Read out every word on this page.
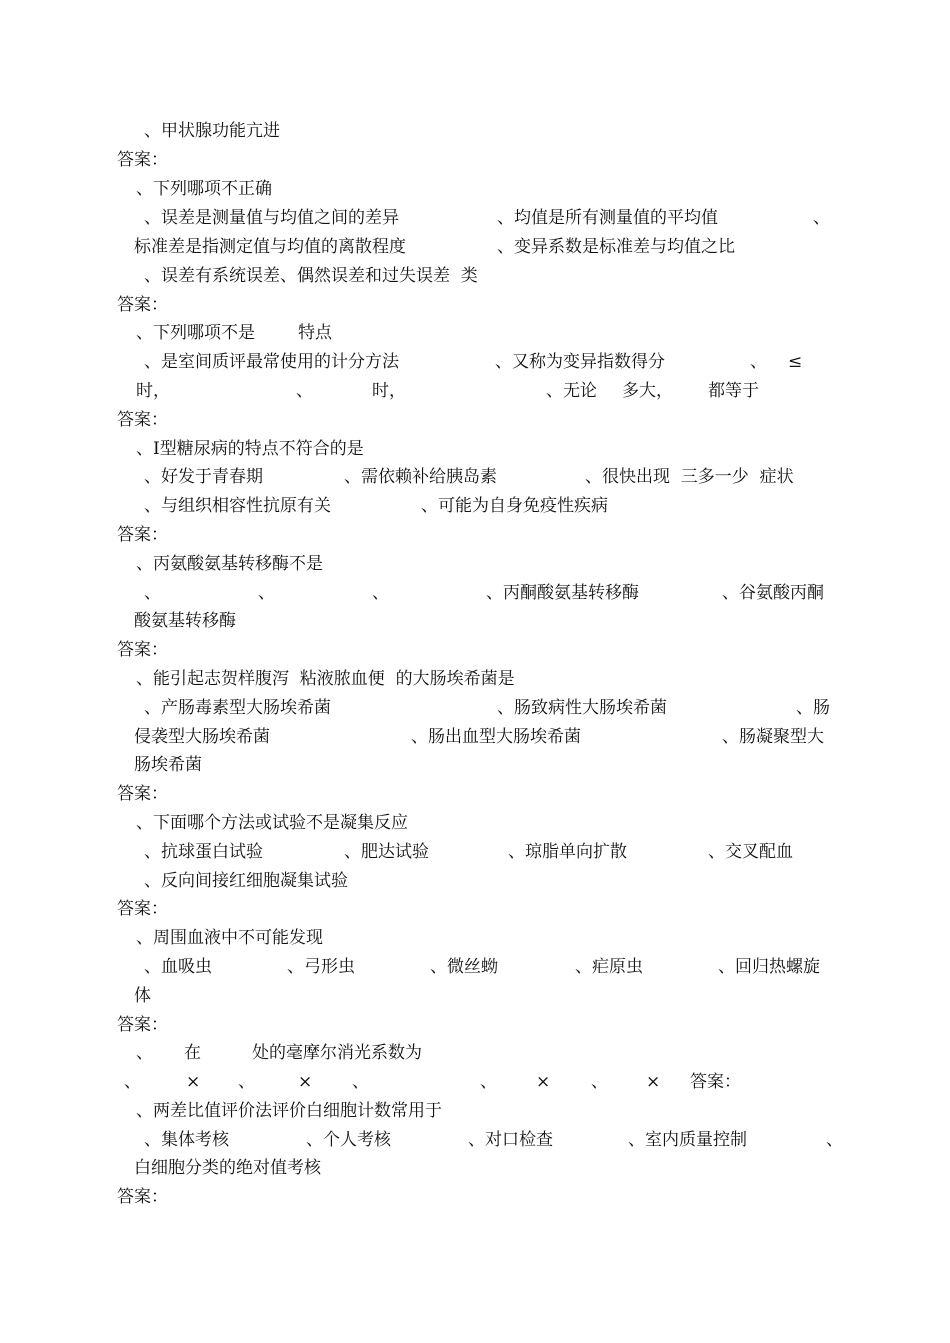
、甲状腺功能亢进
答案：
、下列哪项不正确
、误差是测量值与均值之间的差异	、均值是所有测量值的平均值	、
标准差是指测定值与均值的离散程度	、变异系数是标准差与均值之比
、误差有系统误差、偶然误差和过失误差  类
答案：
、下列哪项不是	特点
、是室间质评最常使用的计分方法	、又称为变异指数得分	、 ≤
时，	、	时，	、无论 多大， 都等于
答案：
、Ⅰ型糖尿病的特点不符合的是
、好发于青春期	、需依赖补给胰岛素	、很快出现  三多一少  症状
、与组织相容性抗原有关	、可能为自身免疫性疾病
答案：
、丙氨酸氨基转移酶不是
、	、	、	、丙酮酸氨基转移酶	、谷氨酸丙酮
酸氨基转移酶
答案：
、能引起志贺样腹泻  粘液脓血便  的大肠埃希菌是
、产肠毒素型大肠埃希菌	、肠致病性大肠埃希菌	、肠
侵袭型大肠埃希菌	、肠出血型大肠埃希菌	、肠凝聚型大
肠埃希菌
答案：
、下面哪个方法或试验不是凝集反应
、抗球蛋白试验	、肥达试验	、琼脂单向扩散	、交叉配血
、反向间接红细胞凝集试验
答案：
、周围血液中不可能发现
、血吸虫	、弓形虫	、微丝蚴	、疟原虫	、回归热螺旋
体
答案：
、 在	处的毫摩尔消光系数为
、	× 、	× 、	、 × 、 × 答案：
、两差比值评价法评价白细胞计数常用于
、集体考核	、个人考核	、对口检查	、室内质量控制	、
白细胞分类的绝对值考核
答案：
